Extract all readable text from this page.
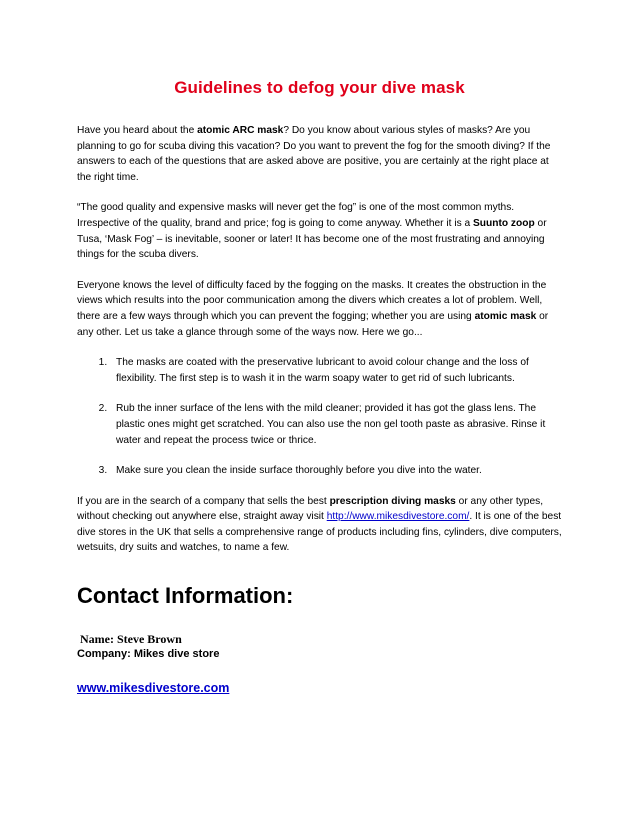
Guidelines to defog your dive mask

Have you heard about the atomic ARC mask? Do you know about various styles of masks? Are you planning to go for scuba diving this vacation? Do you want to prevent the fog for the smooth diving? If the answers to each of the questions that are asked above are positive, you are certainly at the right place at the right time.

“The good quality and expensive masks will never get the fog” is one of the most common myths. Irrespective of the quality, brand and price; fog is going to come anyway. Whether it is a Suunto zoop or Tusa, ‘Mask Fog’ – is inevitable, sooner or later! It has become one of the most frustrating and annoying things for the scuba divers.

Everyone knows the level of difficulty faced by the fogging on the masks. It creates the obstruction in the views which results into the poor communication among the divers which creates a lot of problem. Well, there are a few ways through which you can prevent the fogging; whether you are using atomic mask or any other. Let us take a glance through some of the ways now. Here we go...

1. The masks are coated with the preservative lubricant to avoid colour change and the loss of flexibility. The first step is to wash it in the warm soapy water to get rid of such lubricants.
2. Rub the inner surface of the lens with the mild cleaner; provided it has got the glass lens. The plastic ones might get scratched. You can also use the non gel tooth paste as abrasive. Rinse it water and repeat the process twice or thrice.
3. Make sure you clean the inside surface thoroughly before you dive into the water.

If you are in the search of a company that sells the best prescription diving masks or any other types, without checking out anywhere else, straight away visit http://www.mikesdivestore.com/. It is one of the best dive stores in the UK that sells a comprehensive range of products including fins, cylinders, dive computers, wetsuits, dry suits and watches, to name a few.

Contact Information:
Name: Steve Brown
Company: Mikes dive store
www.mikesdivestore.com
